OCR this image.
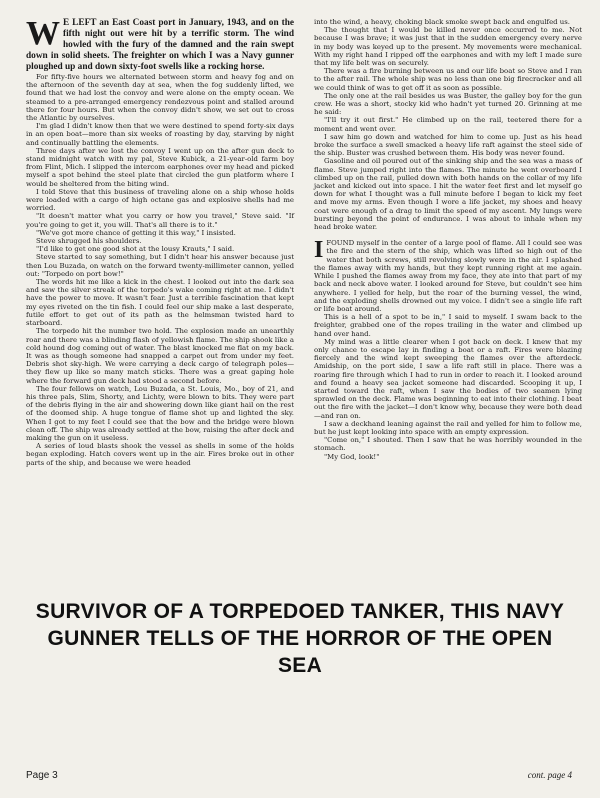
W E LEFT an East Coast port in January, 1943, and on the fifth night out were hit by a terrific storm. The wind howled with the fury of the damned and the rain swept down in solid sheets. The freighter on which I was a Navy gunner ploughed up and down sixty-foot swells like a rocking horse.

For fifty-five hours we alternated between storm and heavy fog and on the afternoon of the seventh day at sea, when the fog suddenly lifted, we found that we had lost the convoy and were alone on the empty ocean. We steamed to a pre-arranged emergency rendezvous point and stalled around there for four hours. But when the convoy didn't show, we set out to cross the Atlantic by ourselves.

I'm glad I didn't know then that we were destined to spend forty-six days in an open boat—more than six weeks of roasting by day, starving by night and continually battling the elements.

Three days after we lost the convoy I went up on the after gun deck to stand midnight watch with my pal, Steve Kubick, a 21-year-old farm boy from Flint, Mich. I slipped the intercom earphones over my head and picked myself a spot behind the steel plate that circled the gun platform where I would be sheltered from the biting wind.

I told Steve that this business of traveling alone on a ship whose holds were loaded with a cargo of high octane gas and explosive shells had me worried.

"It doesn't matter what you carry or how you travel," Steve said. "If you're going to get it, you will. That's all there is to it."

"We've got more chance of getting it this way," I insisted.

Steve shrugged his shoulders.

"I'd like to get one good shot at the lousy Krauts," I said.

Steve started to say something, but I didn't hear his answer because just then Lou Buzada, on watch on the forward twenty-millimeter cannon, yelled out: "Torpedo on port bow!"

The words hit me like a kick in the chest. I looked out into the dark sea and saw the silver streak of the torpedo's wake coming right at me. I didn't have the power to move. It wasn't fear. Just a terrible fascination that kept my eyes riveted on the tin fish. I could feel our ship make a last desperate, futile effort to get out of its path as the helmsman twisted hard to starboard.

The torpedo hit the number two hold. The explosion made an unearthly roar and there was a blinding flash of yellowish flame. The ship shook like a cold hound dog coming out of water. The blast knocked me flat on my back. It was as though someone had snapped a carpet out from under my feet. Debris shot sky-high. We were carrying a deck cargo of telegraph poles—they flew up like so many match sticks. There was a great gaping hole where the forward gun deck had stood a second before.

The four fellows on watch, Lou Buzada, a St. Louis, Mo., boy of 21, and his three pals, Slim, Shorty, and Lichty, were blown to bits. They were part of the debris flying in the air and showering down like giant hail on the rest of the doomed ship. A huge tongue of flame shot up and lighted the sky. When I got to my feet I could see that the bow and the bridge were blown clean off. The ship was already settled at the bow, raising the after deck and making the gun on it useless.

A series of loud blasts shook the vessel as shells in some of the holds began exploding. Hatch covers went up in the air. Fires broke out in other parts of the ship, and because we were headed

into the wind, a heavy, choking black smoke swept back and engulfed us.

The thought that I would be killed never once occurred to me. Not because I was brave; it was just that in the sudden emergency every nerve in my body was keyed up to the present. My movements were mechanical. With my right hand I ripped off the earphones and with my left I made sure that my life belt was on securely.

There was a fire burning between us and our life boat so Steve and I ran to the after rail. The whole ship was no less than one big firecracker and all we could think of was to get off it as soon as possible.

The only one at the rail besides us was Buster, the galley boy for the gun crew. He was a short, stocky kid who hadn't yet turned 20. Grinning at me he said:

"I'll try it out first." He climbed up on the rail, teetered there for a moment and went over.

I saw him go down and watched for him to come up. Just as his head broke the surface a swell smacked a heavy life raft against the steel side of the ship. Buster was crushed between them. His body was never found.

Gasoline and oil poured out of the sinking ship and the sea was a mass of flame. Steve jumped right into the flames. The minute he went overboard I climbed up on the rail, pulled down with both hands on the collar of my life jacket and kicked out into space. I hit the water feet first and let myself go down for what I thought was a full minute before I began to kick my feet and move my arms. Even though I wore a life jacket, my shoes and heavy coat were enough of a drag to limit the speed of my ascent. My lungs were bursting beyond the point of endurance. I was about to inhale when my head broke water.

IFOUND myself in the center of a large pool of flame. All I could see was the fire and the stern of the ship, which was lifted so high out of the water that both screws, still revolving slowly were in the air. I splashed the flames away with my hands, but they kept running right at me again. While I pushed the flames away from my face, they ate into that part of my back and neck above water. I looked around for Steve, but couldn't see him anywhere. I yelled for help, but the roar of the burning vessel, the wind, and the exploding shells drowned out my voice. I didn't see a single life raft or life boat around.

This is a hell of a spot to be in," I said to myself. I swam back to the freighter, grabbed one of the ropes trailing in the water and climbed up hand over hand.

My mind was a little clearer when I got back on deck. I knew that my only chance to escape lay in finding a boat or a raft. Fires were blazing fiercely and the wind kept sweeping the flames over the afterdeck. Amidship, on the port side, I saw a life raft still in place. There was a roaring fire through which I had to run in order to reach it. I looked around and found a heavy sea jacket someone had discarded. Scooping it up, I started toward the raft, when I saw the bodies of two seamen lying sprawled on the deck. Flame was beginning to eat into their clothing. I beat out the fire with the jacket—I don't know why, because they were both dead—and ran on.

I saw a deckhand leaning against the rail and yelled for him to follow me, but he just kept looking into space with an empty expression.

"Come on," I shouted. Then I saw that he was horribly wounded in the stomach.

"My God, look!"

SURVIVOR OF A TORPEDOED TANKER, THIS NAVY GUNNER TELLS OF THE HORROR OF THE OPEN SEA
Page 3	cont. page 4
